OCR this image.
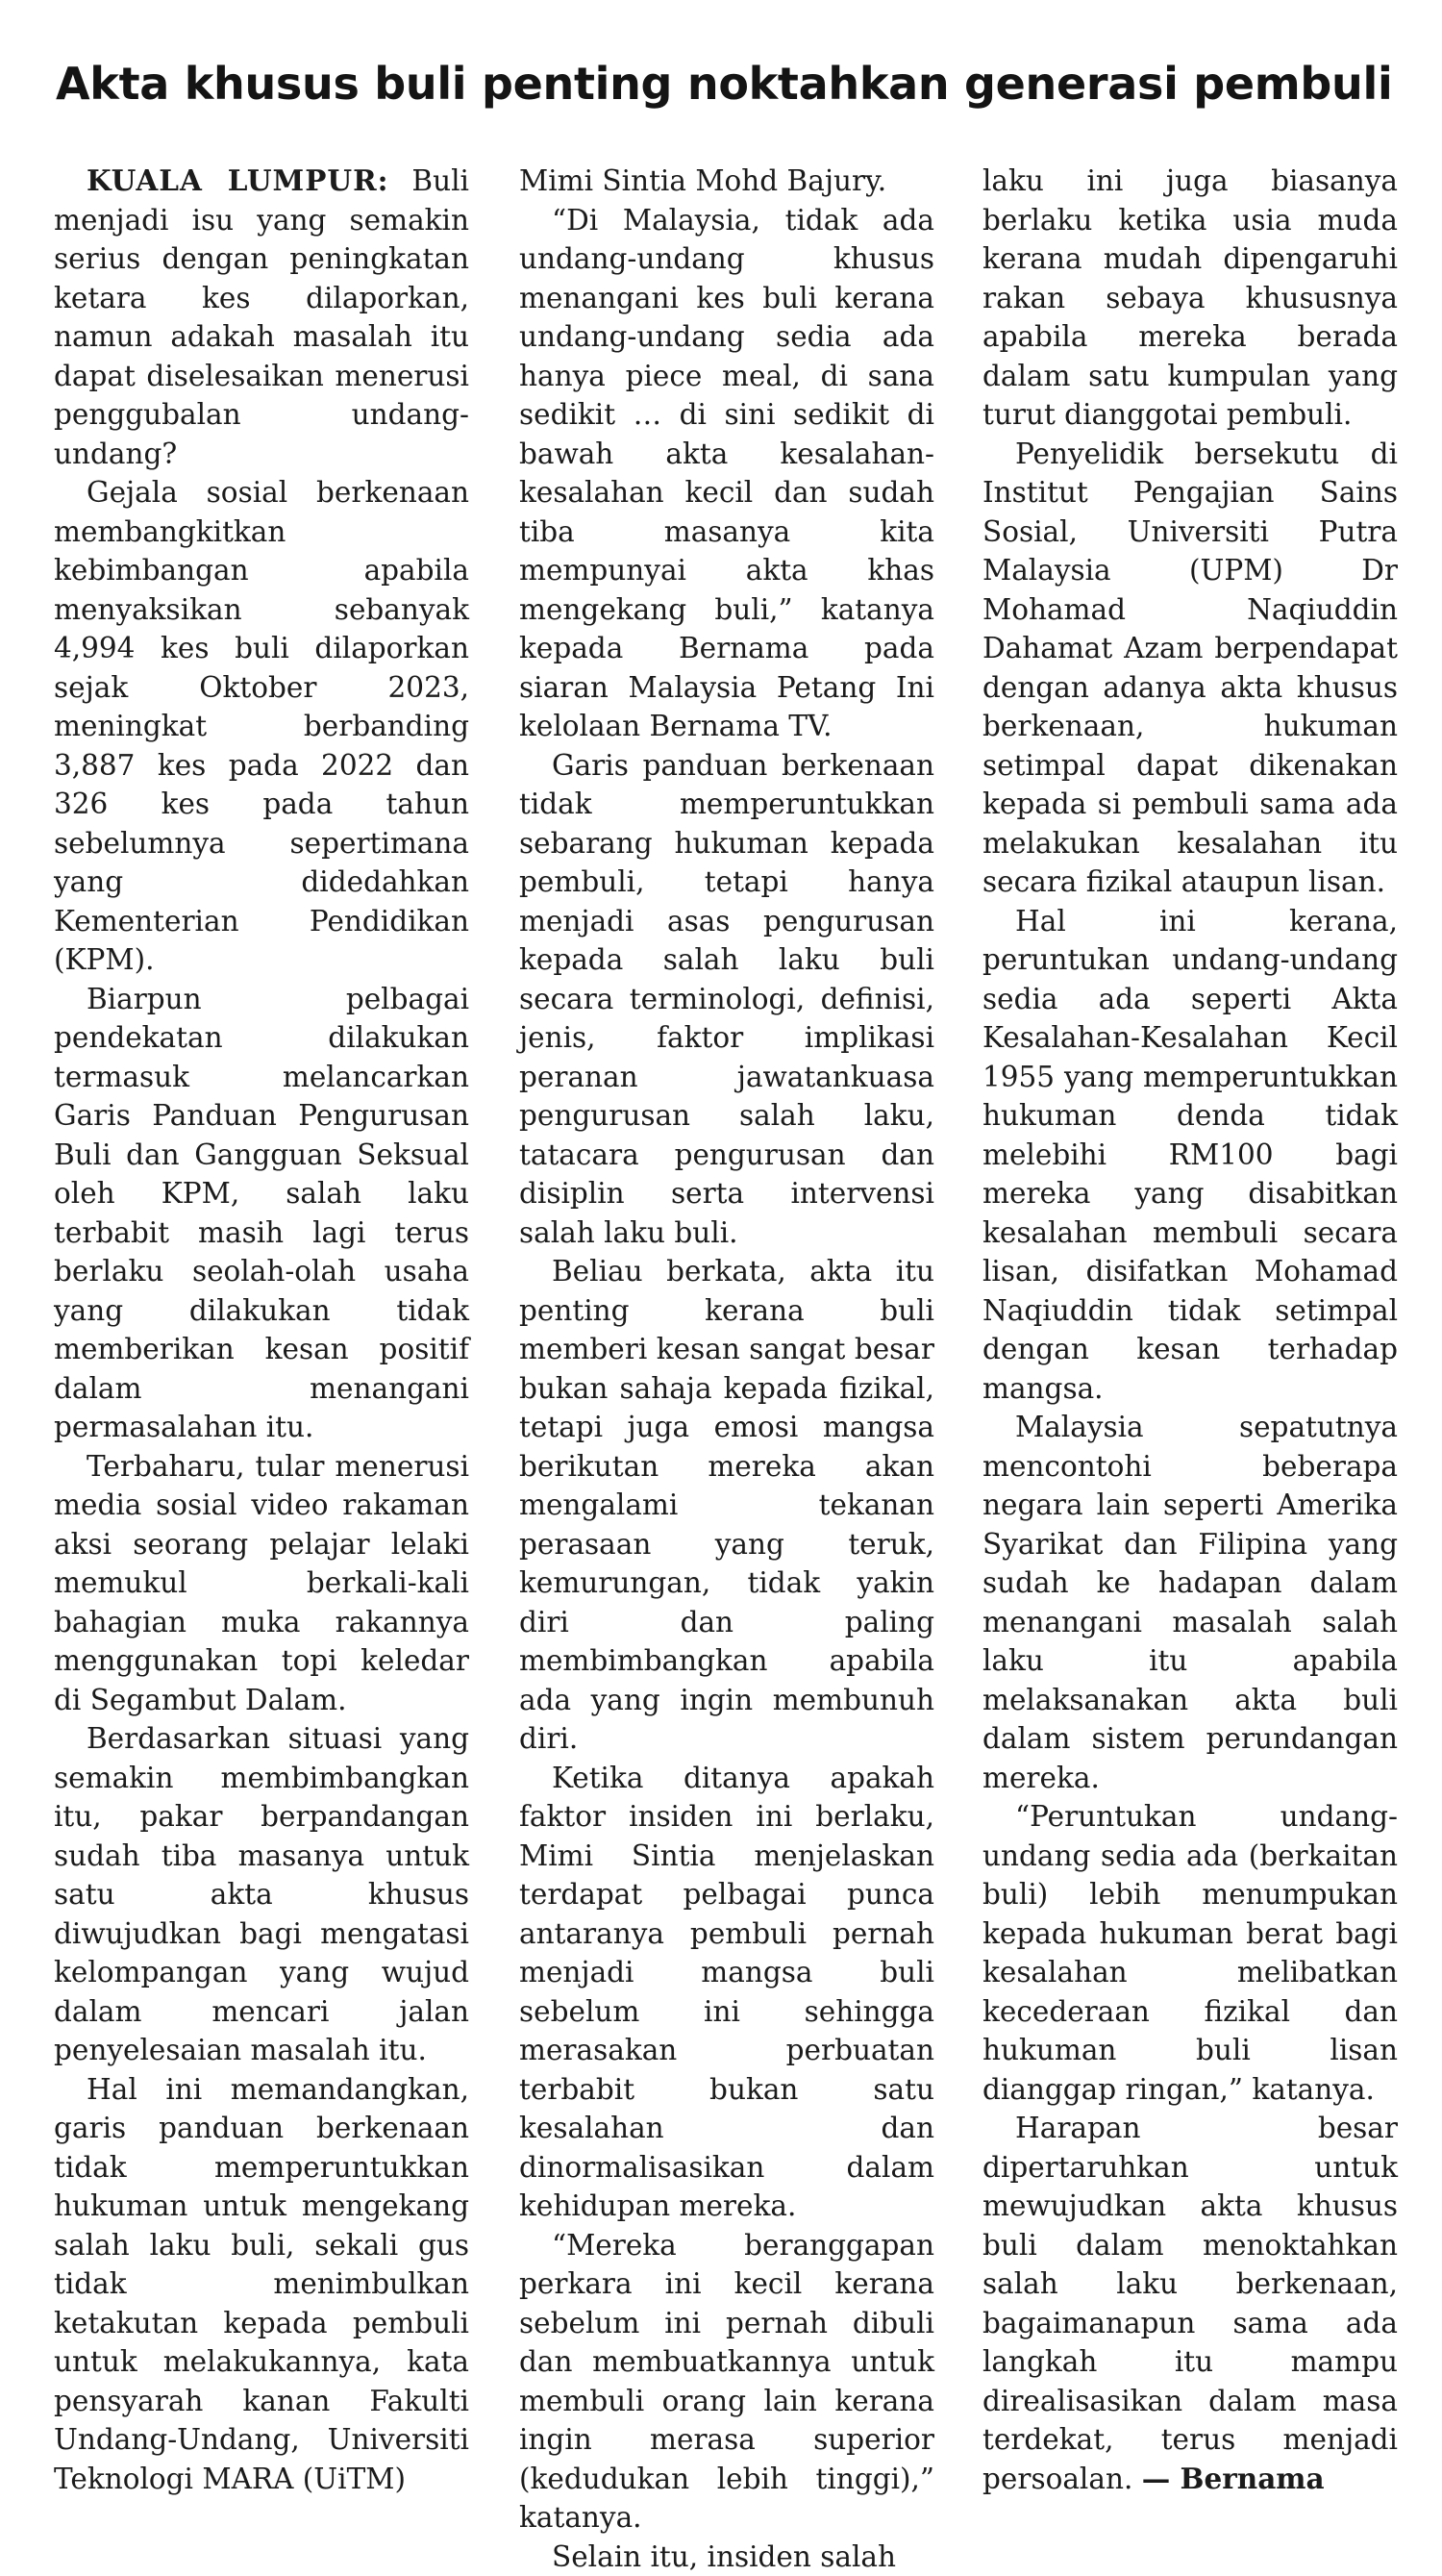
Akta khusus buli penting noktahkan generasi pembuli

KUALA LUMPUR: Buli menjadi isu yang semakin serius dengan peningkatan ketara kes dilaporkan, namun adakah masalah itu dapat diselesaikan menerusi penggubalan undang-undang?

Gejala sosial berkenaan membangkitkan kebimbangan apabila menyaksikan sebanyak 4,994 kes buli dilaporkan sejak Oktober 2023, meningkat berbanding 3,887 kes pada 2022 dan 326 kes pada tahun sebelumnya sepertimana yang didedahkan Kementerian Pendidikan (KPM).

Biarpun pelbagai pendekatan dilakukan termasuk melancarkan Garis Panduan Pengurusan Buli dan Gangguan Seksual oleh KPM, salah laku terbabit masih lagi terus berlaku seolah-olah usaha yang dilakukan tidak memberikan kesan positif dalam menangani permasalahan itu.

Terbaharu, tular menerusi media sosial video rakaman aksi seorang pelajar lelaki memukul berkali-kali bahagian muka rakannya menggunakan topi keledar di Segambut Dalam.

Berdasarkan situasi yang semakin membimbangkan itu, pakar berpandangan sudah tiba masanya untuk satu akta khusus diwujudkan bagi mengatasi kelompangan yang wujud dalam mencari jalan penyelesaian masalah itu.

Hal ini memandangkan, garis panduan berkenaan tidak memperuntukkan hukuman untuk mengekang salah laku buli, sekali gus tidak menimbulkan ketakutan kepada pembuli untuk melakukannya, kata pensyarah kanan Fakulti Undang-Undang, Universiti Teknologi MARA (UiTM)

Mimi Sintia Mohd Bajury.

“Di Malaysia, tidak ada undang-undang khusus menangani kes buli kerana undang-undang sedia ada hanya piece meal, di sana sedikit … di sini sedikit di bawah akta kesalahan-kesalahan kecil dan sudah tiba masanya kita mempunyai akta khas mengekang buli,” katanya kepada Bernama pada siaran Malaysia Petang Ini kelolaan Bernama TV.

Garis panduan berkenaan tidak memperuntukkan sebarang hukuman kepada pembuli, tetapi hanya menjadi asas pengurusan kepada salah laku buli secara terminologi, definisi, jenis, faktor implikasi peranan jawatankuasa pengurusan salah laku, tatacara pengurusan dan disiplin serta intervensi salah laku buli.

Beliau berkata, akta itu penting kerana buli memberi kesan sangat besar bukan sahaja kepada fizikal, tetapi juga emosi mangsa berikutan mereka akan mengalami tekanan perasaan yang teruk, kemurungan, tidak yakin diri dan paling membimbangkan apabila ada yang ingin membunuh diri.

Ketika ditanya apakah faktor insiden ini berlaku, Mimi Sintia menjelaskan terdapat pelbagai punca antaranya pembuli pernah menjadi mangsa buli sebelum ini sehingga merasakan perbuatan terbabit bukan satu kesalahan dan dinormalisasikan dalam kehidupan mereka.

“Mereka beranggapan perkara ini kecil kerana sebelum ini pernah dibuli dan membuatkannya untuk membuli orang lain kerana ingin merasa superior (kedudukan lebih tinggi),” katanya.

Selain itu, insiden salah

laku ini juga biasanya berlaku ketika usia muda kerana mudah dipengaruhi rakan sebaya khususnya apabila mereka berada dalam satu kumpulan yang turut dianggotai pembuli.

Penyelidik bersekutu di Institut Pengajian Sains Sosial, Universiti Putra Malaysia (UPM) Dr Mohamad Naqiuddin Dahamat Azam berpendapat dengan adanya akta khusus berkenaan, hukuman setimpal dapat dikenakan kepada si pembuli sama ada melakukan kesalahan itu secara fizikal ataupun lisan.

Hal ini kerana, peruntukan undang-undang sedia ada seperti Akta Kesalahan-Kesalahan Kecil 1955 yang memperuntukkan hukuman denda tidak melebihi RM100 bagi mereka yang disabitkan kesalahan membuli secara lisan, disifatkan Mohamad Naqiuddin tidak setimpal dengan kesan terhadap mangsa.

Malaysia sepatutnya mencontohi beberapa negara lain seperti Amerika Syarikat dan Filipina yang sudah ke hadapan dalam menangani masalah salah laku itu apabila melaksanakan akta buli dalam sistem perundangan mereka.

“Peruntukan undang-undang sedia ada (berkaitan buli) lebih menumpukan kepada hukuman berat bagi kesalahan melibatkan kecederaan fizikal dan hukuman buli lisan dianggap ringan,” katanya.

Harapan besar dipertaruhkan untuk mewujudkan akta khusus buli dalam menoktahkan salah laku berkenaan, bagaimanapun sama ada langkah itu mampu direalisasikan dalam masa terdekat, terus menjadi persoalan. — Bernama
